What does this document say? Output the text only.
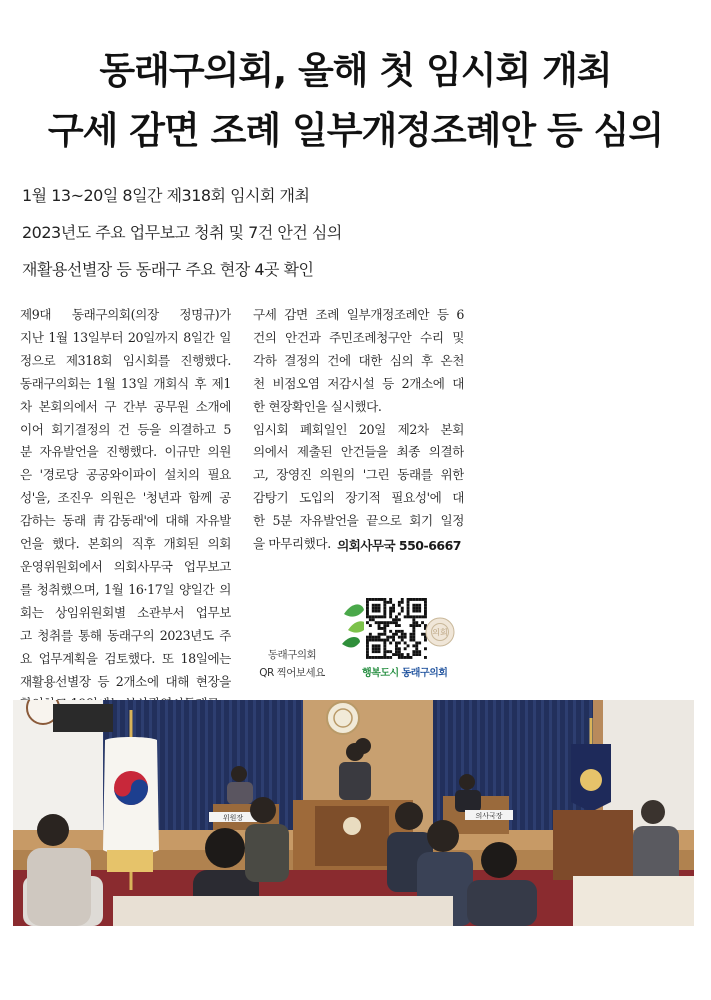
동래구의회, 올해 첫 임시회 개최
구세 감면 조례 일부개정조례안 등 심의
1월 13~20일 8일간 제318회 임시회 개최
2023년도 주요 업무보고 청취 및 7건 안건 심의
재활용선별장 등 동래구 주요 현장 4곳 확인
제9대 동래구의회(의장 정명규)가
지난 1월 13일부터 20일까지 8일간 일
정으로 제318회 임시회를 진행했다.
동래구의회는 1월 13일 개회식 후 제1
차 본회의에서 구 간부 공무원 소개에
이어 회기결정의 건 등을 의결하고 5
분 자유발언을 진행했다. 이규만 의원
은 '경로당 공공와이파이 설치의 필요
성'을, 조진우 의원은 '청년과 함께 공
감하는 동래 靑감동래'에 대해 자유발
언을 했다. 본회의 직후 개회된 의회
운영위원회에서 의회사무국 업무보고
를 청취했으며, 1월 16·17일 양일간 의
회는 상임위원회별 소관부서 업무보
고 청취를 통해 동래구의 2023년도 주
요 업무계획을 검토했다. 또 18일에는
재활용선별장 등 2개소에 대해 현장을
구세 감면 조례 일부개정조례안 등 6
건의 안건과 주민조례청구안 수리 및
각하 결정의 건에 대한 심의 후 온천
천 비점오염 저감시설 등 2개소에 대
한 현장확인을 실시했다.
임시회 폐회일인 20일 제2차 본회
의에서 제출된 안건들을 최종 의결하
고, 장영진 의원의 '그린 동래를 위한
감탕기 도입의 장기적 필요성'에 대
한 5분 자유발언을 끝으로 회기 일정
을 마무리했다. 의회사무국 550-6667
동래구의회
QR 찍어보세요
의회
행복도시 동래구의회
위원장	의사국장
